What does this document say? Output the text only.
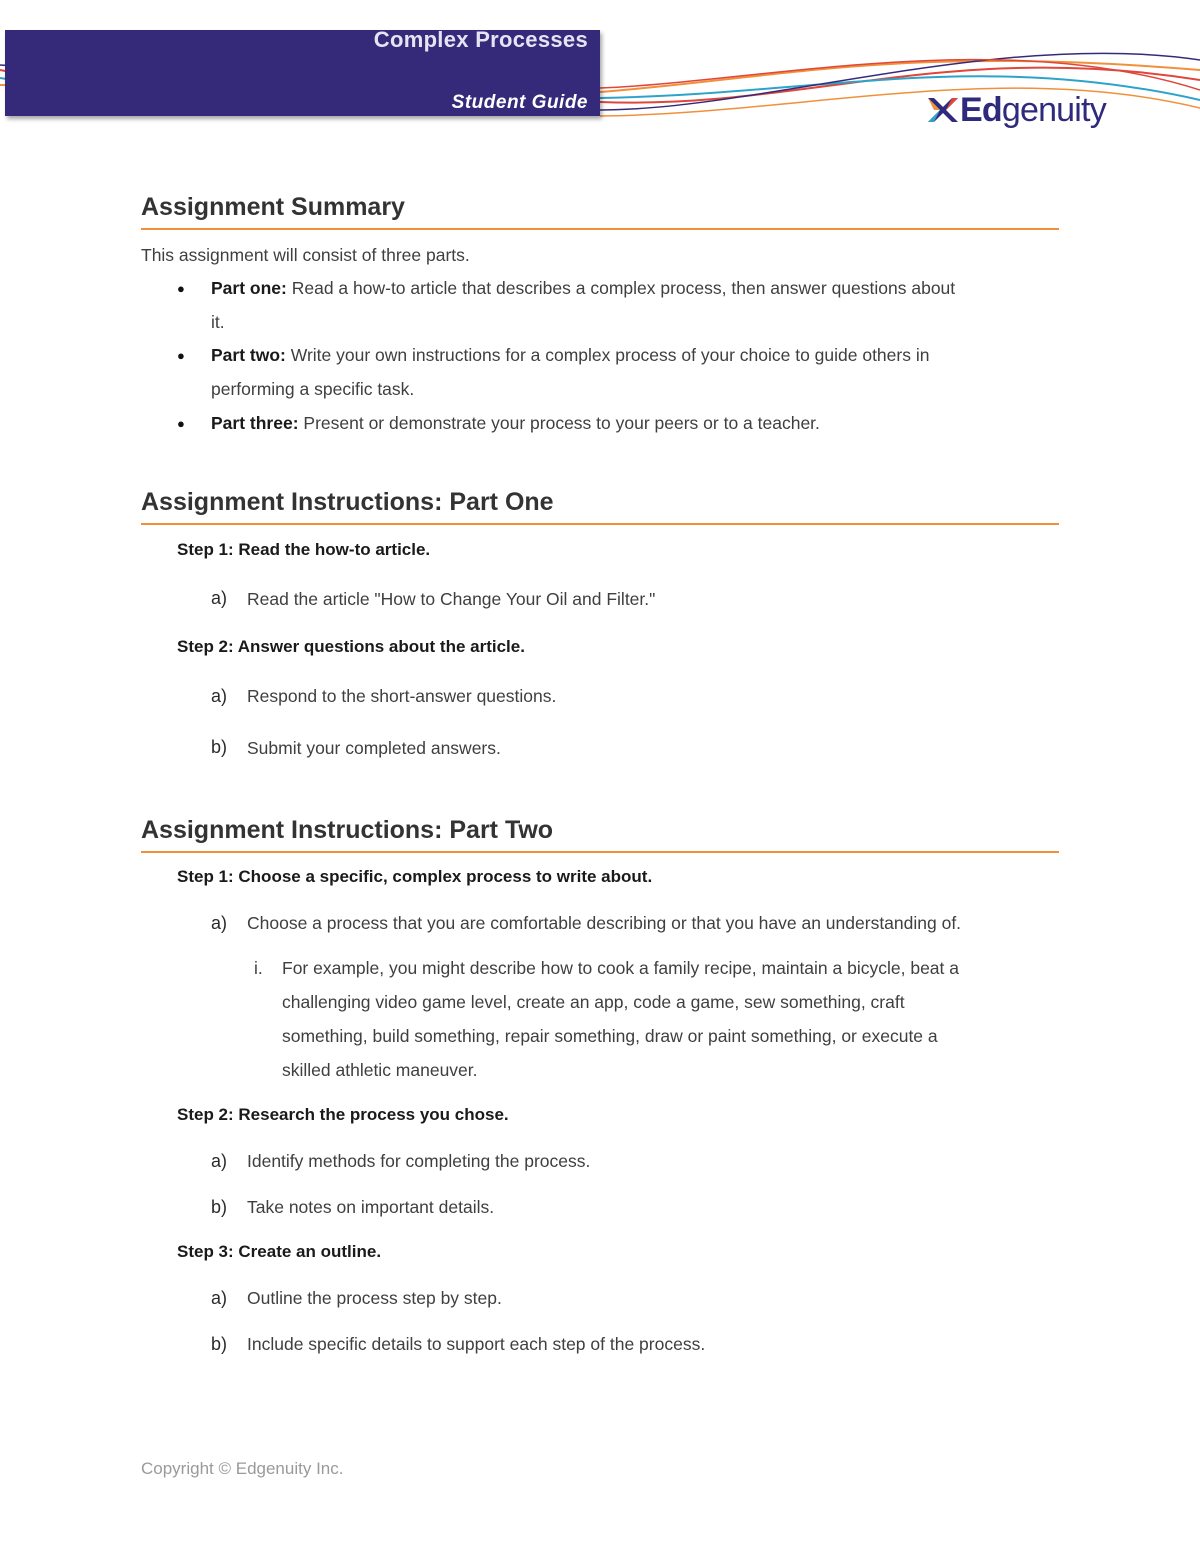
Complex Processes
Student Guide	Edgenuity
Assignment Summary
This assignment will consist of three parts.
● Part one: Read a how-to article that describes a complex process, then answer questions about
it.
● Part two: Write your own instructions for a complex process of your choice to guide others in
performing a specific task.
● Part three: Present or demonstrate your process to your peers or to a teacher.
Assignment Instructions: Part One
Step 1: Read the how-to article.
a) Read the article "How to Change Your Oil and Filter."
Step 2: Answer questions about the article.
a) Respond to the short-answer questions.
b) Submit your completed answers.
Assignment Instructions: Part Two
Step 1: Choose a specific, complex process to write about.
a) Choose a process that you are comfortable describing or that you have an understanding of.
i. For example, you might describe how to cook a family recipe, maintain a bicycle, beat a
challenging video game level, create an app, code a game, sew something, craft
something, build something, repair something, draw or paint something, or execute a
skilled athletic maneuver.
Step 2: Research the process you chose.
a) Identify methods for completing the process.
b) Take notes on important details.
Step 3: Create an outline.
a) Outline the process step by step.
b) Include specific details to support each step of the process.
Copyright © Edgenuity Inc.
